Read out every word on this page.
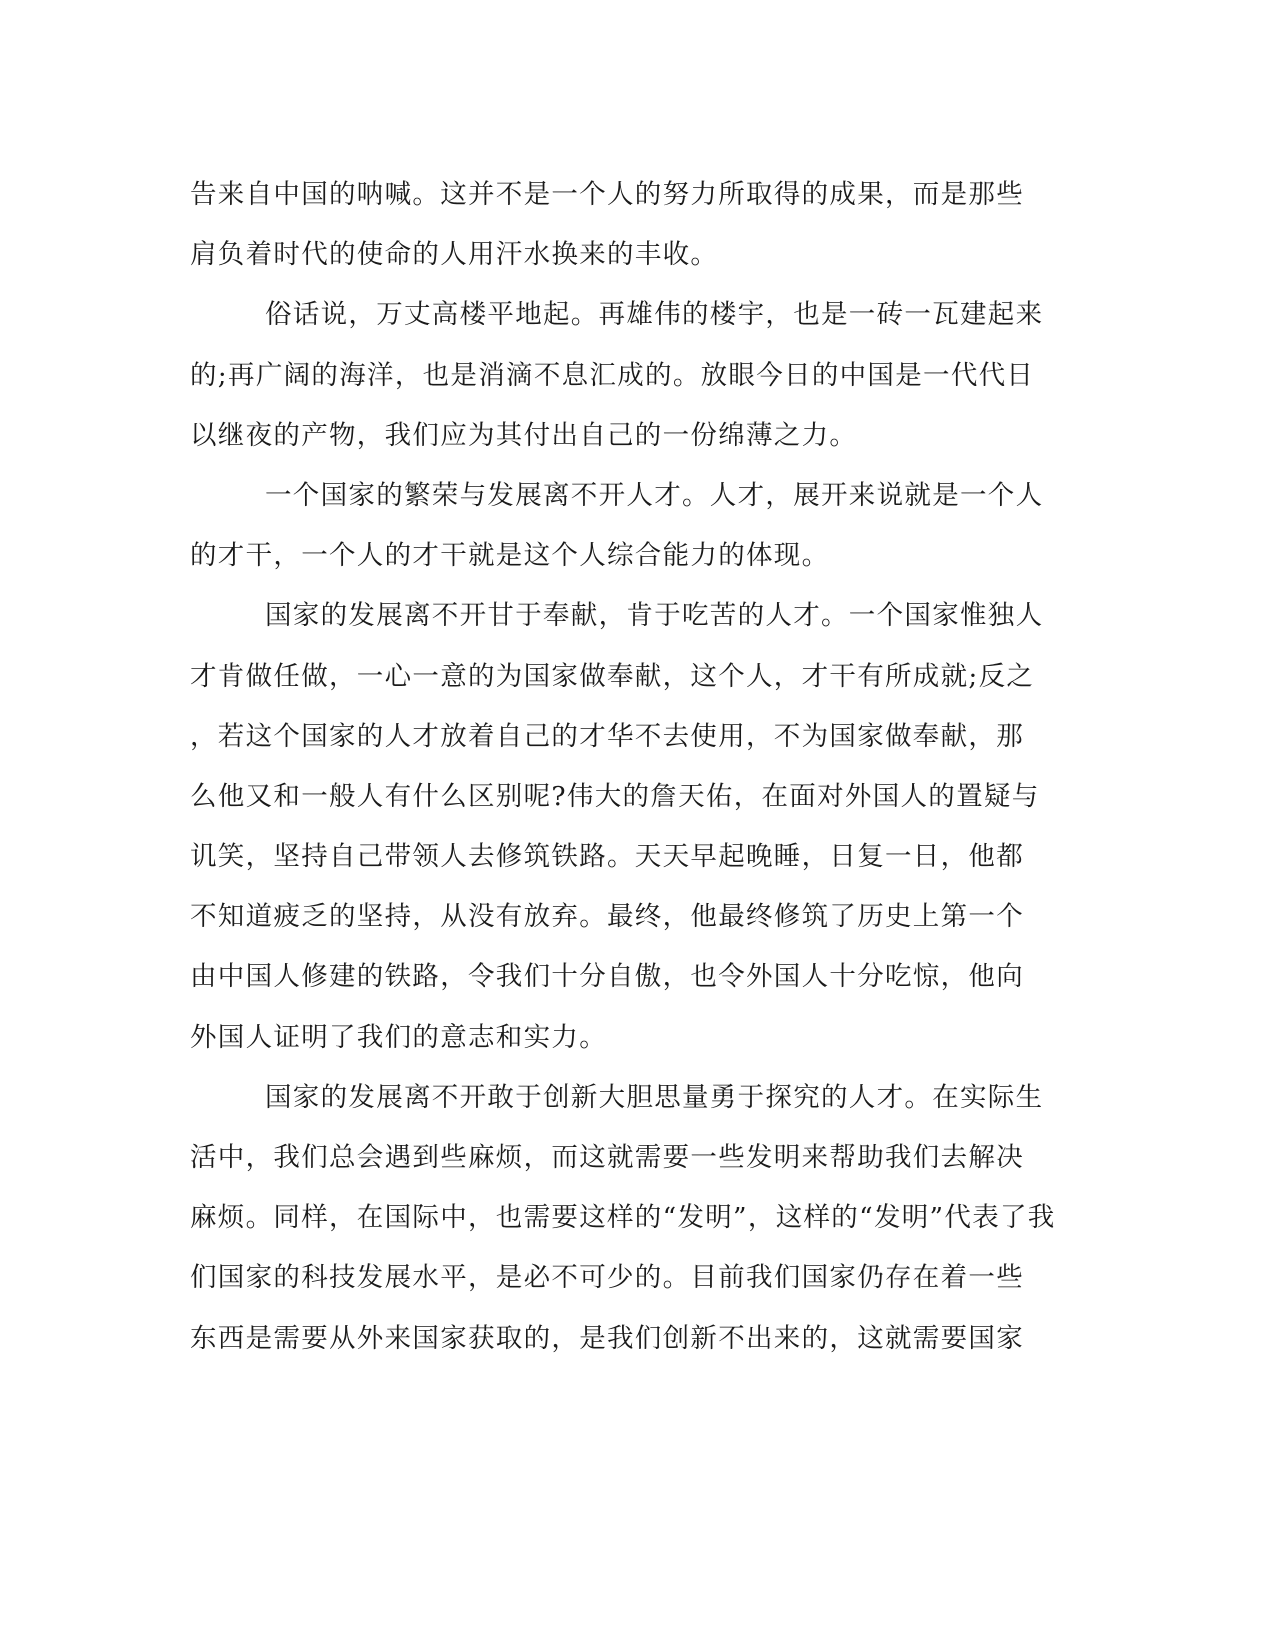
告来自中国的呐喊。这并不是一个人的努力所取得的成果，而是那些
肩负着时代的使命的人用汗水换来的丰收。
俗话说，万丈高楼平地起。再雄伟的楼宇，也是一砖一瓦建起来
的;再广阔的海洋，也是消滴不息汇成的。放眼今日的中国是一代代日
以继夜的产物，我们应为其付出自己的一份绵薄之力。
一个国家的繁荣与发展离不开人才。人才，展开来说就是一个人
的才干，一个人的才干就是这个人综合能力的体现。
国家的发展离不开甘于奉献，肯于吃苦的人才。一个国家惟独人
才肯做任做，一心一意的为国家做奉献，这个人，才干有所成就;反之
，若这个国家的人才放着自己的才华不去使用，不为国家做奉献，那
么他又和一般人有什么区别呢?伟大的詹天佑，在面对外国人的置疑与
讥笑，坚持自己带领人去修筑铁路。天天早起晚睡，日复一日，他都
不知道疲乏的坚持，从没有放弃。最终，他最终修筑了历史上第一个
由中国人修建的铁路，令我们十分自傲，也令外国人十分吃惊，他向
外国人证明了我们的意志和实力。
国家的发展离不开敢于创新大胆思量勇于探究的人才。在实际生
活中，我们总会遇到些麻烦，而这就需要一些发明来帮助我们去解决
麻烦。同样，在国际中，也需要这样的“发明”，这样的“发明”代表了我
们国家的科技发展水平，是必不可少的。目前我们国家仍存在着一些
东西是需要从外来国家获取的，是我们创新不出来的，这就需要国家
